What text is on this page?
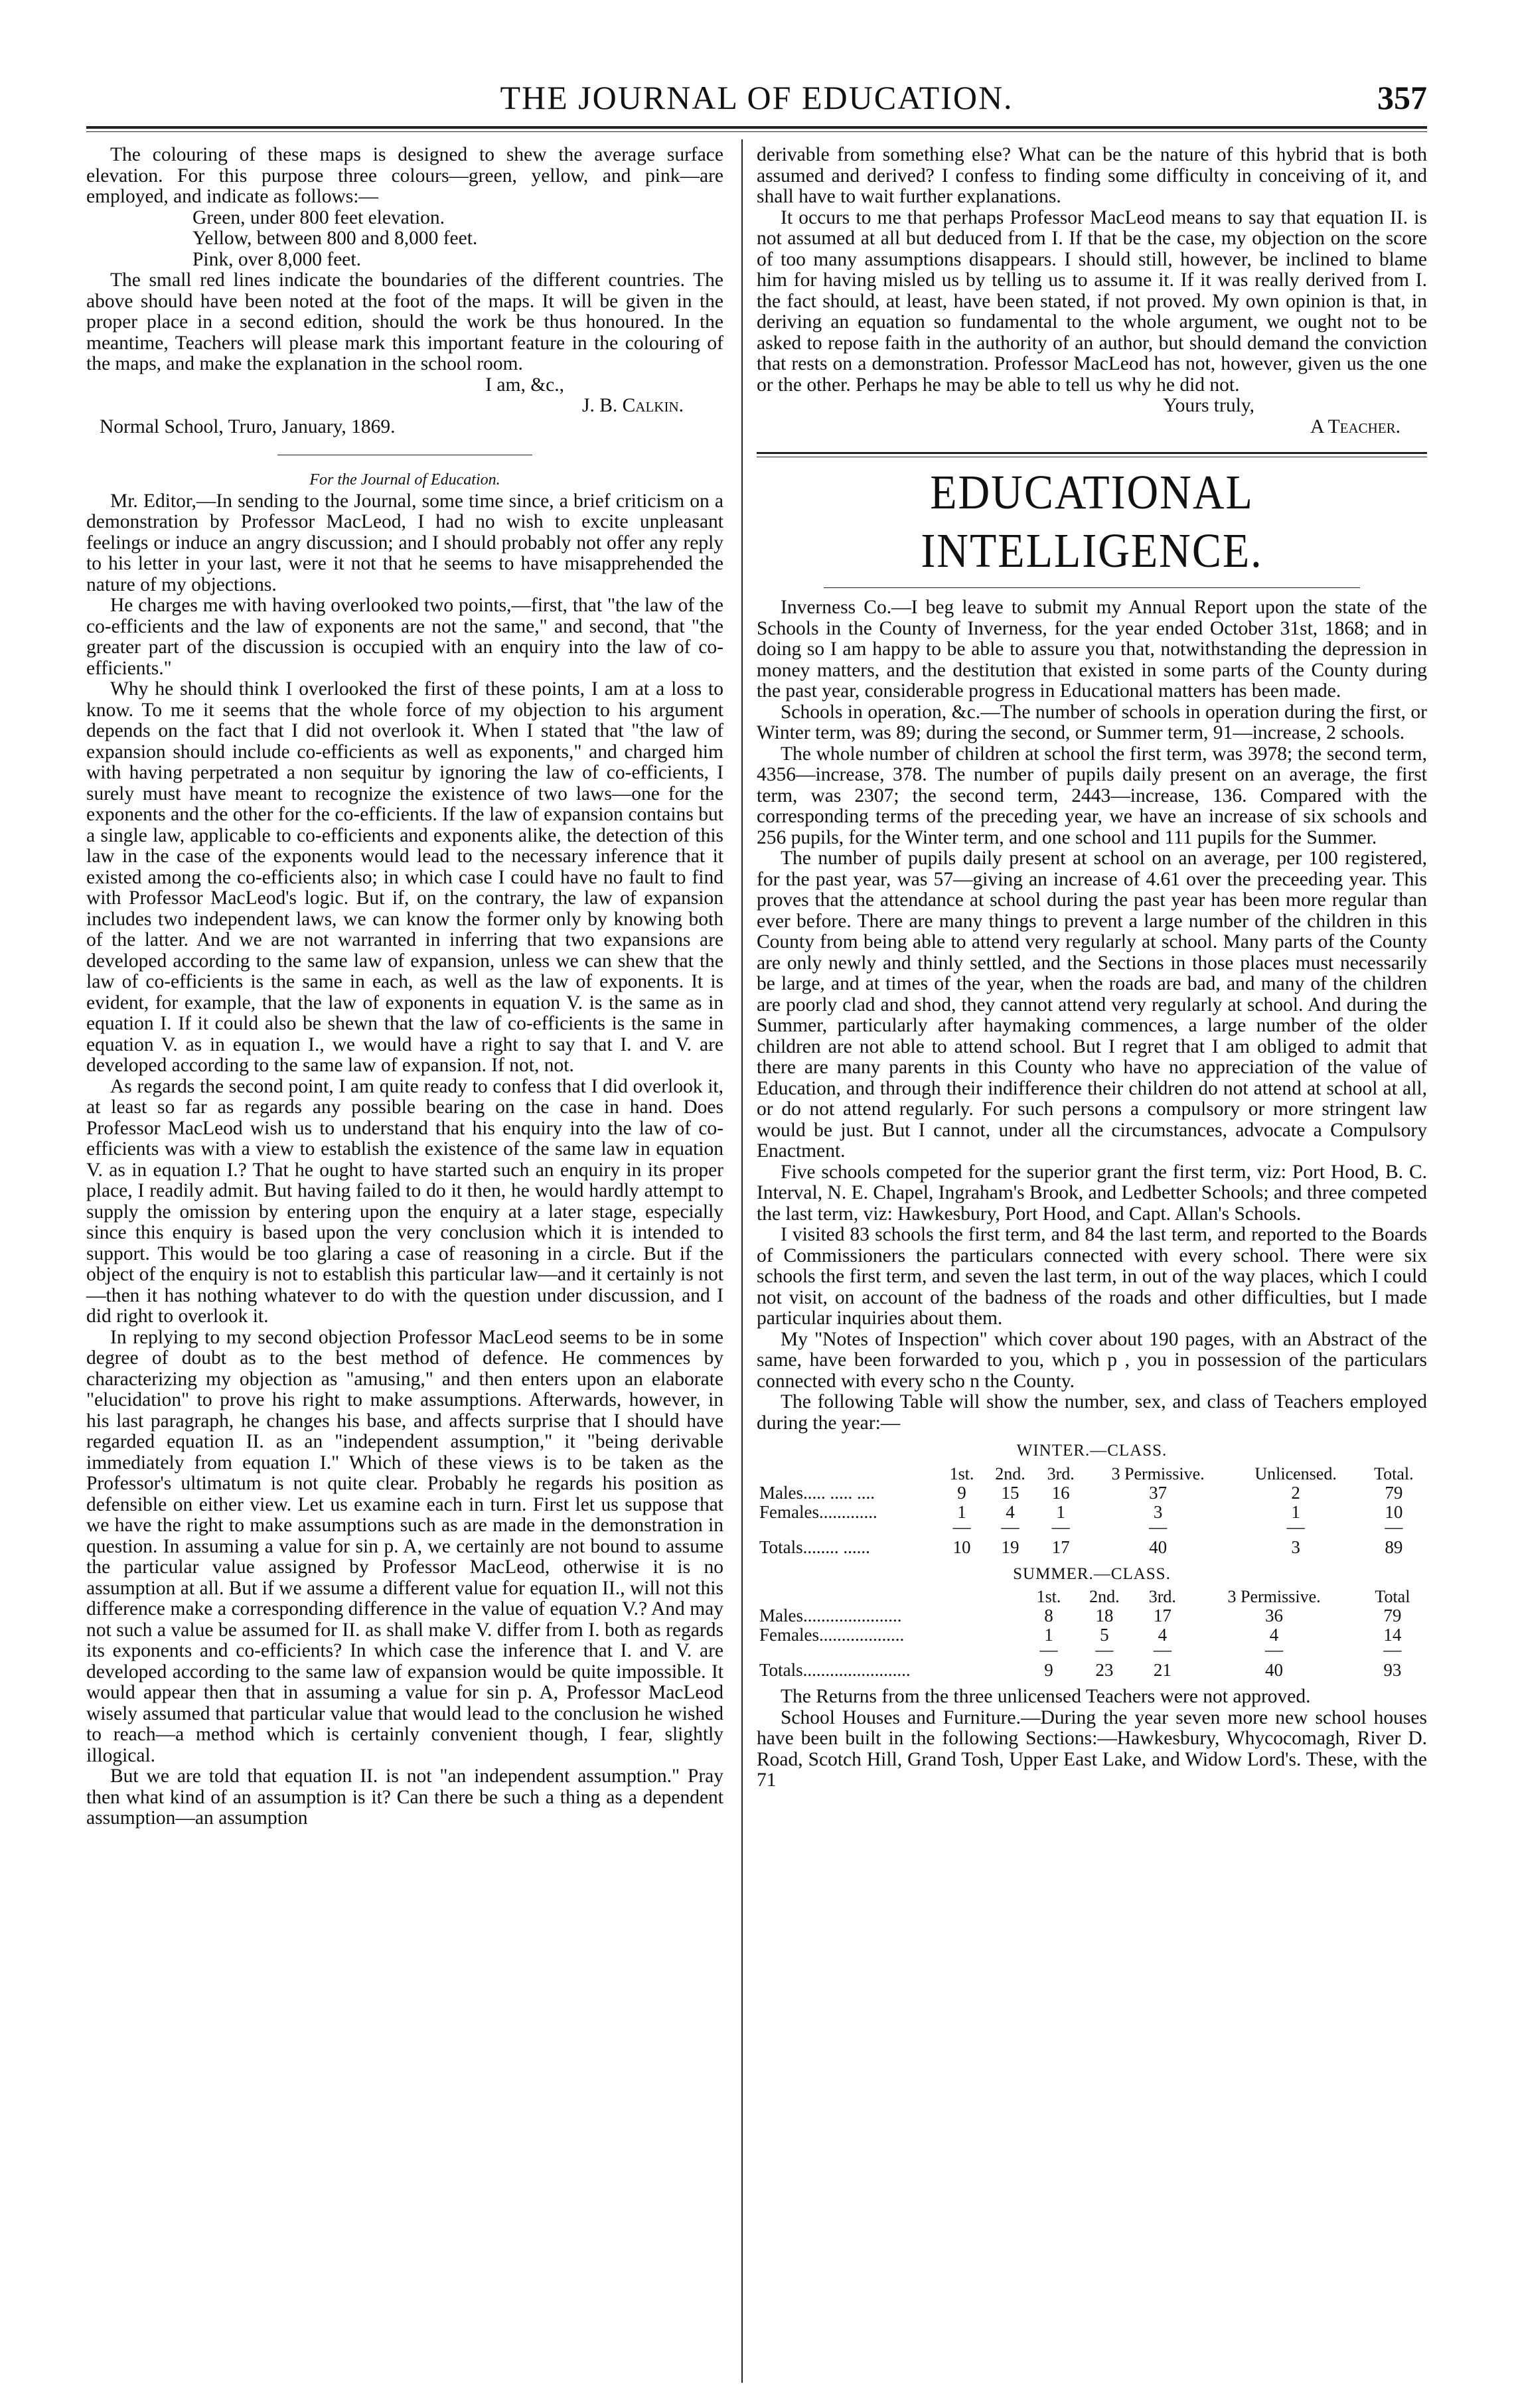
THE JOURNAL OF EDUCATION.	357

The colouring of these maps is designed to shew the average surface elevation. For this purpose three colours—green, yellow, and pink—are employed, and indicate as follows:—

Green, under 800 feet elevation.

Yellow, between 800 and 8,000 feet.

Pink, over 8,000 feet.

The small red lines indicate the boundaries of the different countries. The above should have been noted at the foot of the maps. It will be given in the proper place in a second edition, should the work be thus honoured. In the meantime, Teachers will please mark this important feature in the colouring of the maps, and make the explanation in the school room.

I am, &c.,

J. B. Calkin.

Normal School, Truro, January, 1869.

For the Journal of Education.

Mr. Editor,—In sending to the Journal, some time since, a brief criticism on a demonstration by Professor MacLeod, I had no wish to excite unpleasant feelings or induce an angry discussion; and I should probably not offer any reply to his letter in your last, were it not that he seems to have misapprehended the nature of my objections.

He charges me with having overlooked two points,—first, that "the law of the co-efficients and the law of exponents are not the same," and second, that "the greater part of the discussion is occupied with an enquiry into the law of co-efficients."

Why he should think I overlooked the first of these points, I am at a loss to know. To me it seems that the whole force of my objection to his argument depends on the fact that I did not overlook it. When I stated that "the law of expansion should include co-efficients as well as exponents," and charged him with having perpetrated a non sequitur by ignoring the law of co-efficients, I surely must have meant to recognize the existence of two laws—one for the exponents and the other for the co-efficients. If the law of expansion contains but a single law, applicable to co-efficients and exponents alike, the detection of this law in the case of the exponents would lead to the necessary inference that it existed among the co-efficients also; in which case I could have no fault to find with Professor MacLeod's logic. But if, on the contrary, the law of expansion includes two independent laws, we can know the former only by knowing both of the latter. And we are not warranted in inferring that two expansions are developed according to the same law of expansion, unless we can shew that the law of co-efficients is the same in each, as well as the law of exponents. It is evident, for example, that the law of exponents in equation V. is the same as in equation I. If it could also be shewn that the law of co-efficients is the same in equation V. as in equation I., we would have a right to say that I. and V. are developed according to the same law of expansion. If not, not.

As regards the second point, I am quite ready to confess that I did overlook it, at least so far as regards any possible bearing on the case in hand. Does Professor MacLeod wish us to understand that his enquiry into the law of co-efficients was with a view to establish the existence of the same law in equation V. as in equation I.? That he ought to have started such an enquiry in its proper place, I readily admit. But having failed to do it then, he would hardly attempt to supply the omission by entering upon the enquiry at a later stage, especially since this enquiry is based upon the very conclusion which it is intended to support. This would be too glaring a case of reasoning in a circle. But if the object of the enquiry is not to establish this particular law—and it certainly is not—then it has nothing whatever to do with the question under discussion, and I did right to overlook it.

In replying to my second objection Professor MacLeod seems to be in some degree of doubt as to the best method of defence. He commences by characterizing my objection as "amusing," and then enters upon an elaborate "elucidation" to prove his right to make assumptions. Afterwards, however, in his last paragraph, he changes his base, and affects surprise that I should have regarded equation II. as an "independent assumption," it "being derivable immediately from equation I." Which of these views is to be taken as the Professor's ultimatum is not quite clear. Probably he regards his position as defensible on either view. Let us examine each in turn. First let us suppose that we have the right to make assumptions such as are made in the demonstration in question. In assuming a value for sin p. A, we certainly are not bound to assume the particular value assigned by Professor MacLeod, otherwise it is no assumption at all. But if we assume a different value for equation II., will not this difference make a corresponding difference in the value of equation V.? And may not such a value be assumed for II. as shall make V. differ from I. both as regards its exponents and co-efficients? In which case the inference that I. and V. are developed according to the same law of expansion would be quite impossible. It would appear then that in assuming a value for sin p. A, Professor MacLeod wisely assumed that particular value that would lead to the conclusion he wished to reach—a method which is certainly convenient though, I fear, slightly illogical.

But we are told that equation II. is not "an independent assumption." Pray then what kind of an assumption is it? Can there be such a thing as a dependent assumption—an assumption

derivable from something else? What can be the nature of this hybrid that is both assumed and derived? I confess to finding some difficulty in conceiving of it, and shall have to wait further explanations.

It occurs to me that perhaps Professor MacLeod means to say that equation II. is not assumed at all but deduced from I. If that be the case, my objection on the score of too many assumptions disappears. I should still, however, be inclined to blame him for having misled us by telling us to assume it. If it was really derived from I. the fact should, at least, have been stated, if not proved. My own opinion is that, in deriving an equation so fundamental to the whole argument, we ought not to be asked to repose faith in the authority of an author, but should demand the conviction that rests on a demonstration. Professor MacLeod has not, however, given us the one or the other. Perhaps he may be able to tell us why he did not.

Yours truly,

A Teacher.

EDUCATIONAL INTELLIGENCE.

Inverness Co.—I beg leave to submit my Annual Report upon the state of the Schools in the County of Inverness, for the year ended October 31st, 1868; and in doing so I am happy to be able to assure you that, notwithstanding the depression in money matters, and the destitution that existed in some parts of the County during the past year, considerable progress in Educational matters has been made.

Schools in operation, &c.—The number of schools in operation during the first, or Winter term, was 89; during the second, or Summer term, 91—increase, 2 schools.

The whole number of children at school the first term, was 3978; the second term, 4356—increase, 378. The number of pupils daily present on an average, the first term, was 2307; the second term, 2443—increase, 136. Compared with the corresponding terms of the preceding year, we have an increase of six schools and 256 pupils, for the Winter term, and one school and 111 pupils for the Summer.

The number of pupils daily present at school on an average, per 100 registered, for the past year, was 57—giving an increase of 4.61 over the preceeding year. This proves that the attendance at school during the past year has been more regular than ever before. There are many things to prevent a large number of the children in this County from being able to attend very regularly at school. Many parts of the County are only newly and thinly settled, and the Sections in those places must necessarily be large, and at times of the year, when the roads are bad, and many of the children are poorly clad and shod, they cannot attend very regularly at school. And during the Summer, particularly after haymaking commences, a large number of the older children are not able to attend school. But I regret that I am obliged to admit that there are many parents in this County who have no appreciation of the value of Education, and through their indifference their children do not attend at school at all, or do not attend regularly. For such persons a compulsory or more stringent law would be just. But I cannot, under all the circumstances, advocate a Compulsory Enactment.

Five schools competed for the superior grant the first term, viz: Port Hood, B. C. Interval, N. E. Chapel, Ingraham's Brook, and Ledbetter Schools; and three competed the last term, viz: Hawkesbury, Port Hood, and Capt. Allan's Schools.

I visited 83 schools the first term, and 84 the last term, and reported to the Boards of Commissioners the particulars connected with every school. There were six schools the first term, and seven the last term, in out of the way places, which I could not visit, on account of the badness of the roads and other difficulties, but I made particular inquiries about them.

My "Notes of Inspection" which cover about 190 pages, with an Abstract of the same, have been forwarded to you, which p , you in possession of the particulars connected with every scho n the County.

The following Table will show the number, sex, and class of Teachers employed during the year:—

WINTER.—CLASS.
	1st.	2nd.	3rd.	3 Permissive.	Unlicensed.	Total.
Males..... ..... ....	9	15	16	37	2	79
Females.............	1	4	1	3	1	10
	—	—	—	—	—	—
Totals........ ......	10	19	17	40	3	89
SUMMER.—CLASS.
	1st.	2nd.	3rd.	3 Permissive.	Total
Males......................	8	18	17	36	79
Females...................	1	5	4	4	14
	—	—	—	—	—
Totals........................	9	23	21	40	93

The Returns from the three unlicensed Teachers were not approved.

School Houses and Furniture.—During the year seven more new school houses have been built in the following Sections:—Hawkesbury, Whycocomagh, River D. Road, Scotch Hill, Grand Tosh, Upper East Lake, and Widow Lord's. These, with the 71
